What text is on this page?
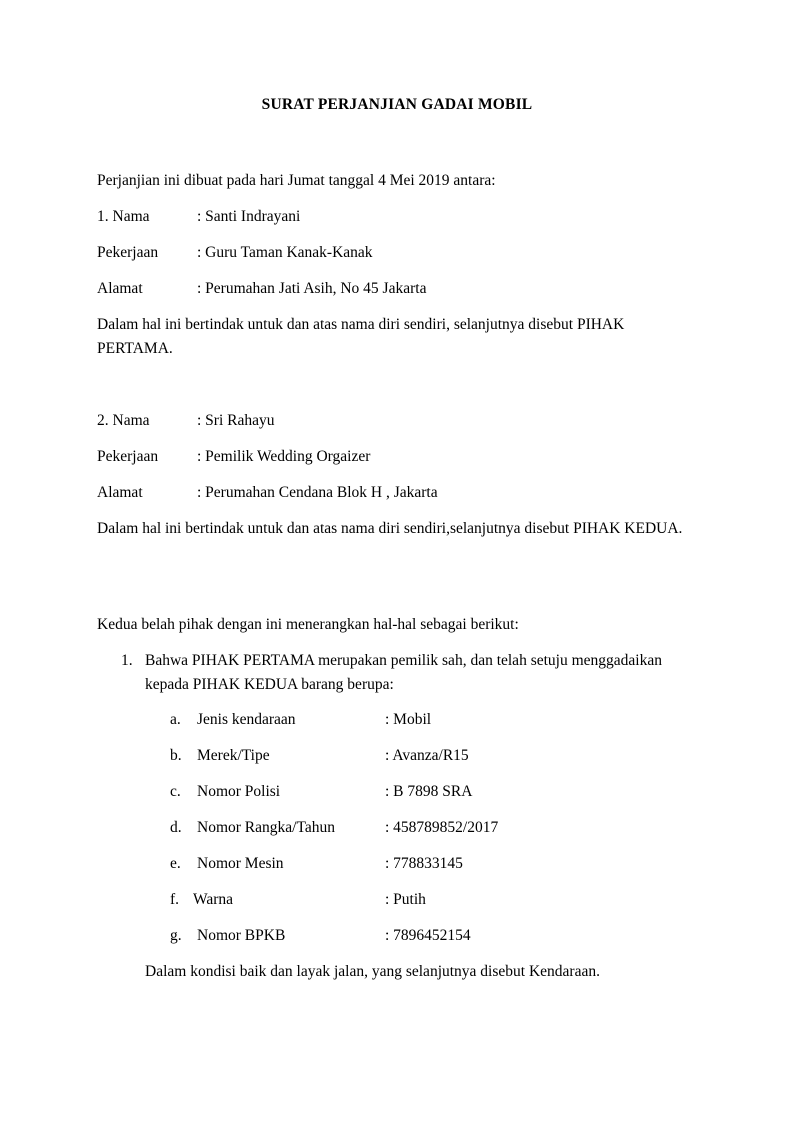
SURAT PERJANJIAN GADAI MOBIL
Perjanjian ini dibuat pada hari Jumat tanggal 4 Mei 2019 antara:
1. Nama	: Santi Indrayani
Pekerjaan	: Guru Taman Kanak-Kanak
Alamat	: Perumahan Jati Asih, No 45 Jakarta
Dalam hal ini bertindak untuk dan atas nama diri sendiri, selanjutnya disebut PIHAK PERTAMA.
2. Nama	: Sri Rahayu
Pekerjaan	: Pemilik Wedding Orgaizer
Alamat	: Perumahan Cendana Blok H , Jakarta
Dalam hal ini bertindak untuk dan atas nama diri sendiri,selanjutnya disebut PIHAK KEDUA.
Kedua belah pihak dengan ini menerangkan hal-hal sebagai berikut:
1. Bahwa PIHAK PERTAMA merupakan pemilik sah, dan telah setuju menggadaikan kepada PIHAK KEDUA barang berupa:
a. Jenis kendaraan	: Mobil
b. Merek/Tipe	: Avanza/R15
c. Nomor Polisi	: B 7898 SRA
d. Nomor Rangka/Tahun	: 458789852/2017
e. Nomor Mesin	: 778833145
f. Warna	: Putih
g. Nomor BPKB	: 7896452154
Dalam kondisi baik dan layak jalan, yang selanjutnya disebut Kendaraan.
